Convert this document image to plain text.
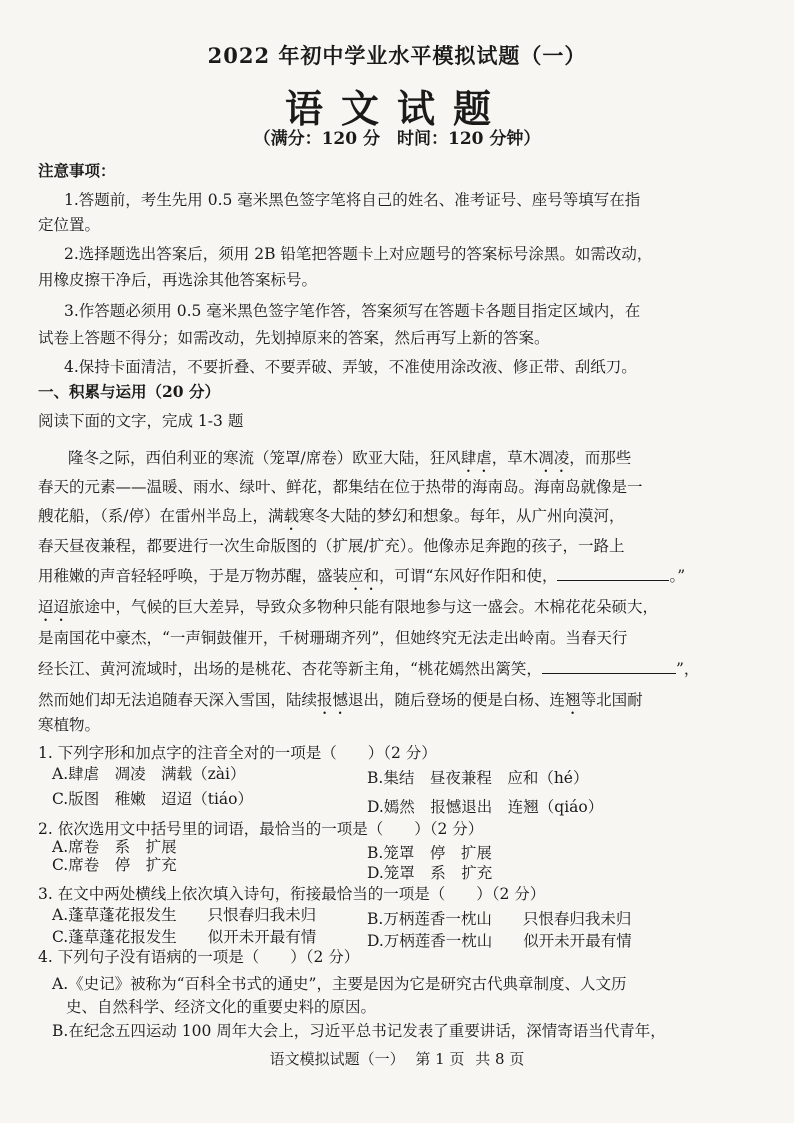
2022 年初中学业水平模拟试题（一）
语文试题
（满分：120 分　时间：120 分钟）
注意事项：
1.答题前，考生先用 0.5 毫米黑色签字笔将自己的姓名、准考证号、座号等填写在指
定位置。
2.选择题选出答案后，须用 2B 铅笔把答题卡上对应题号的答案标号涂黑。如需改动，
用橡皮擦干净后，再选涂其他答案标号。
3.作答题必须用 0.5 毫米黑色签字笔作答，答案须写在答题卡各题目指定区域内，在
试卷上答题不得分；如需改动，先划掉原来的答案，然后再写上新的答案。
4.保持卡面清洁，不要折叠、不要弄破、弄皱，不准使用涂改液、修正带、刮纸刀。
一、积累与运用（20 分）
阅读下面的文字，完成 1-3 题
隆冬之际，西伯利亚的寒流（笼罩/席卷）欧亚大陆，狂风肆虐，草木凋凌，而那些
春天的元素——温暖、雨水、绿叶、鲜花，都集结在位于热带的海南岛。海南岛就像是一
艘花船，（系/停）在雷州半岛上，满载寒冬大陆的梦幻和想象。每年，从广州向漠河，
春天昼夜兼程，都要进行一次生命版图的（扩展/扩充）。他像赤足奔跑的孩子，一路上
用稚嫩的声音轻轻呼唤，于是万物苏醒，盛装应和，可谓“东风好作阳和使，	。”
迢迢旅途中，气候的巨大差异，导致众多物种只能有限地参与这一盛会。木棉花花朵硕大，
是南国花中豪杰，“一声铜鼓催开，千树珊瑚齐列”，但她终究无法走出岭南。当春天行
经长江、黄河流域时，出场的是桃花、杏花等新主角，“桃花嫣然出篱笑，	”，
然而她们却无法追随春天深入雪国，陆续报憾退出，随后登场的便是白杨、连翘等北国耐
寒植物。
1. 下列字形和加点字的注音全对的一项是（　　）（2 分）
A.肆虐　凋凌　满载（zài）	B.集结　昼夜兼程　应和（hé）
C.版图　稚嫩　迢迢（tiáo）	D.嫣然　报憾退出　连翘（qiáo）
2. 依次选用文中括号里的词语，最恰当的一项是（　　）（2 分）
A.席卷　系　扩展	B.笼罩　停　扩展
C.席卷　停　扩充	D.笼罩　系　扩充
3. 在文中两处横线上依次填入诗句，衔接最恰当的一项是（　　）（2 分）
A.蓬草蓬花报发生　　只恨春归我未归	B.万柄莲香一枕山　　只恨春归我未归
C.蓬草蓬花报发生　　似开未开最有情	D.万柄莲香一枕山　　似开未开最有情
4. 下列句子没有语病的一项是（　　）（2 分）
A.《史记》被称为“百科全书式的通史”，主要是因为它是研究古代典章制度、人文历
史、自然科学、经济文化的重要史料的原因。
B.在纪念五四运动 100 周年大会上，习近平总书记发表了重要讲话，深情寄语当代青年，
语文模拟试题（一） 第 1 页 共 8 页
